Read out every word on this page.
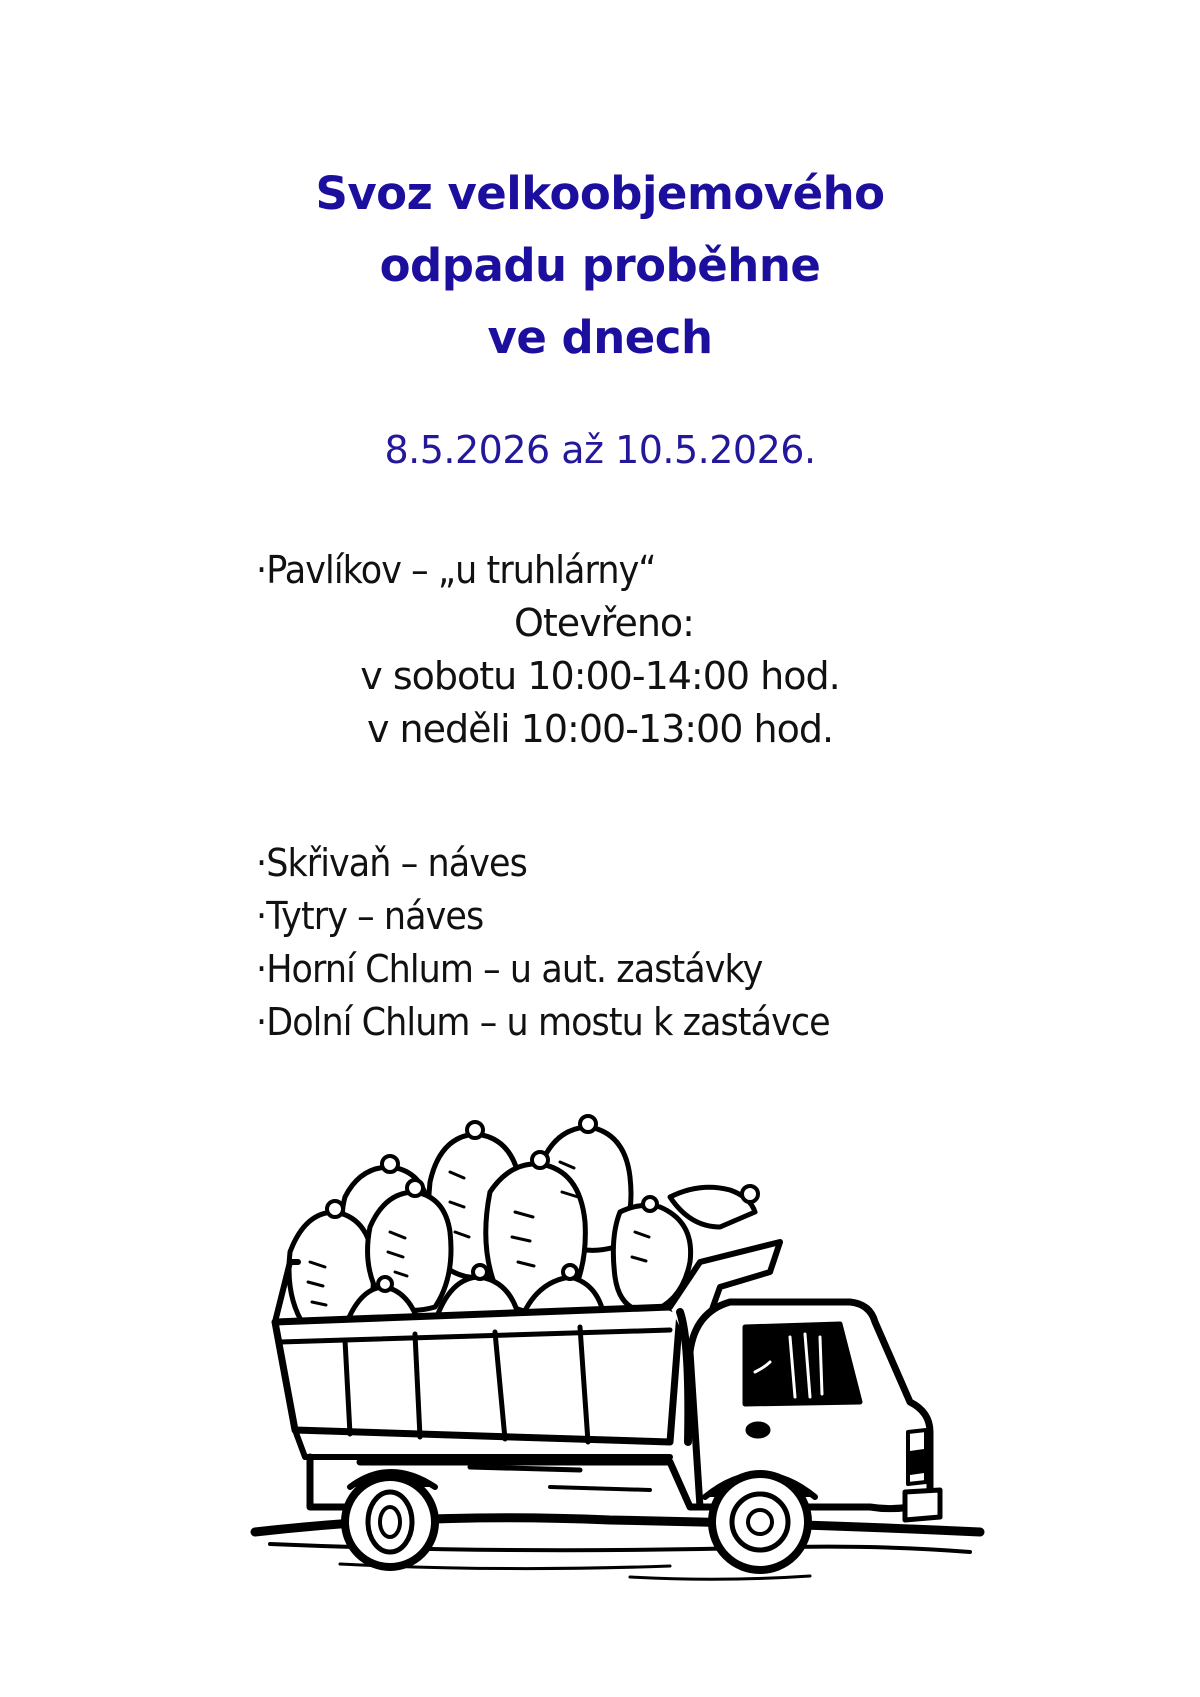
Svoz velkoobjemového
odpadu proběhne
ve dnech
8.5.2026 až 10.5.2026.
·Pavlíkov – „u truhlárny“
Otevřeno:
v sobotu 10:00-14:00 hod.
v neděli 10:00-13:00 hod.
·Skřivaň – náves
·Tytry – náves
·Horní Chlum – u aut. zastávky
·Dolní Chlum – u mostu k zastávce
